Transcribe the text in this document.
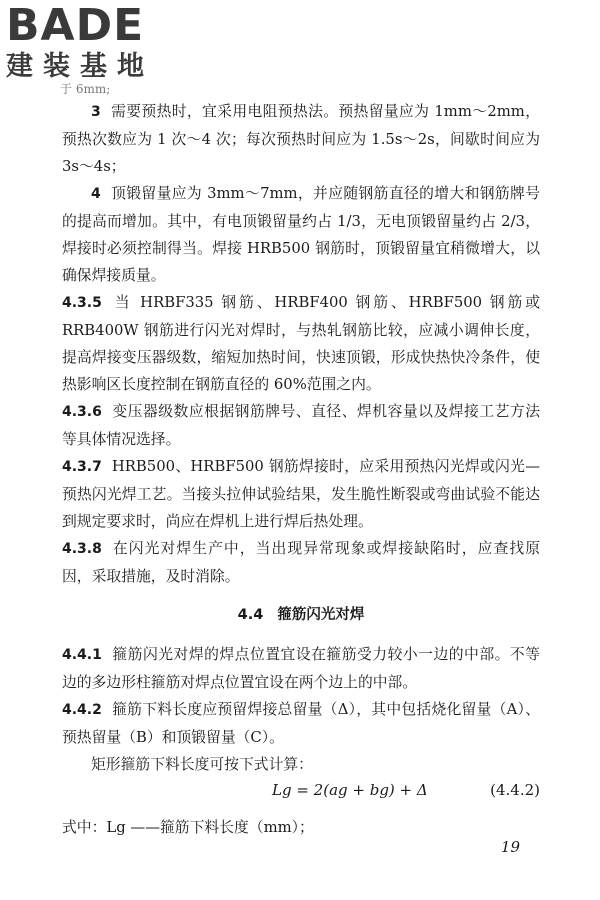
BADE
建装基地
于 6mm;

3 需要预热时，宜采用电阻预热法。预热留量应为 1mm～2mm，预热次数应为 1 次～4 次；每次预热时间应为 1.5s～2s，间歇时间应为 3s～4s；

4 顶锻留量应为 3mm～7mm，并应随钢筋直径的增大和钢筋牌号的提高而增加。其中，有电顶锻留量约占 1/3，无电顶锻留量约占 2/3，焊接时必须控制得当。焊接 HRB500 钢筋时，顶锻留量宜稍微增大，以确保焊接质量。

4.3.5 当 HRBF335 钢筋、HRBF400 钢筋、HRBF500 钢筋或 RRB400W 钢筋进行闪光对焊时，与热轧钢筋比较，应减小调伸长度，提高焊接变压器级数，缩短加热时间，快速顶锻，形成快热快冷条件，使热影响区长度控制在钢筋直径的 60%范围之内。

4.3.6 变压器级数应根据钢筋牌号、直径、焊机容量以及焊接工艺方法等具体情况选择。

4.3.7 HRB500、HRBF500 钢筋焊接时，应采用预热闪光焊或闪光—预热闪光焊工艺。当接头拉伸试验结果，发生脆性断裂或弯曲试验不能达到规定要求时，尚应在焊机上进行焊后热处理。

4.3.8 在闪光对焊生产中，当出现异常现象或焊接缺陷时，应查找原因，采取措施，及时消除。

4.4 箍筋闪光对焊

4.4.1 箍筋闪光对焊的焊点位置宜设在箍筋受力较小一边的中部。不等边的多边形柱箍筋对焊点位置宜设在两个边上的中部。

4.4.2 箍筋下料长度应预留焊接总留量（Δ），其中包括烧化留量（A）、预热留量（B）和顶锻留量（C）。

矩形箍筋下料长度可按下式计算：

Lg = 2(ag + bg) + Δ	(4.4.2)

式中：Lg ——箍筋下料长度（mm）；

19
